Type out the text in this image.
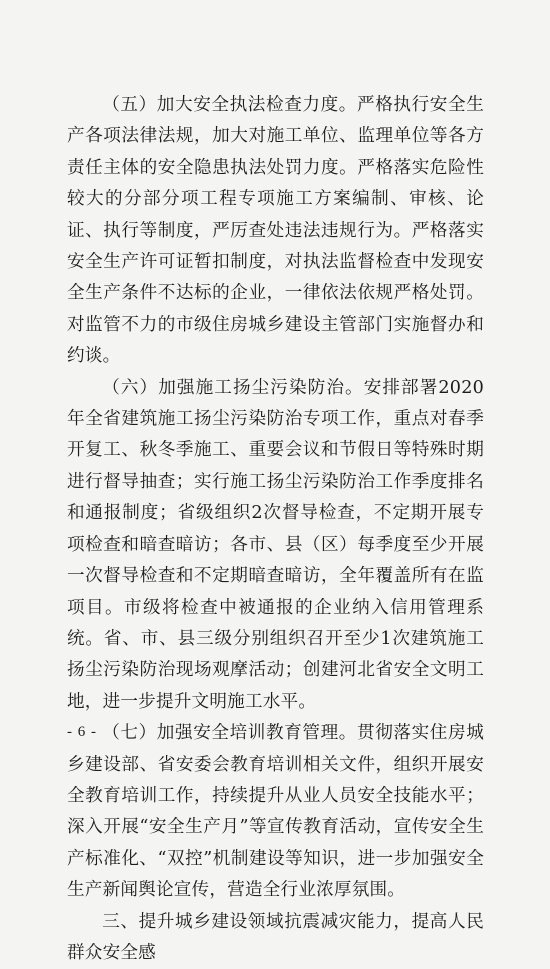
（五）加大安全执法检查力度。严格执行安全生产各项法律法规，加大对施工单位、监理单位等各方责任主体的安全隐患执法处罚力度。严格落实危险性较大的分部分项工程专项施工方案编制、审核、论证、执行等制度，严厉查处违法违规行为。严格落实安全生产许可证暂扣制度，对执法监督检查中发现安全生产条件不达标的企业，一律依法依规严格处罚。对监管不力的市级住房城乡建设主管部门实施督办和约谈。

（六）加强施工扬尘污染防治。安排部署2020年全省建筑施工扬尘污染防治专项工作，重点对春季开复工、秋冬季施工、重要会议和节假日等特殊时期进行督导抽查；实行施工扬尘污染防治工作季度排名和通报制度；省级组织2次督导检查，不定期开展专项检查和暗查暗访；各市、县（区）每季度至少开展一次督导检查和不定期暗查暗访，全年覆盖所有在监项目。市级将检查中被通报的企业纳入信用管理系统。省、市、县三级分别组织召开至少1次建筑施工扬尘污染防治现场观摩活动；创建河北省安全文明工地，进一步提升文明施工水平。

（七）加强安全培训教育管理。贯彻落实住房城乡建设部、省安委会教育培训相关文件，组织开展安全教育培训工作，持续提升从业人员安全技能水平；深入开展“安全生产月”等宣传教育活动，宣传安全生产标准化、“双控”机制建设等知识，进一步加强安全生产新闻舆论宣传，营造全行业浓厚氛围。

三、提升城乡建设领域抗震减灾能力，提高人民群众安全感

- 6 -
